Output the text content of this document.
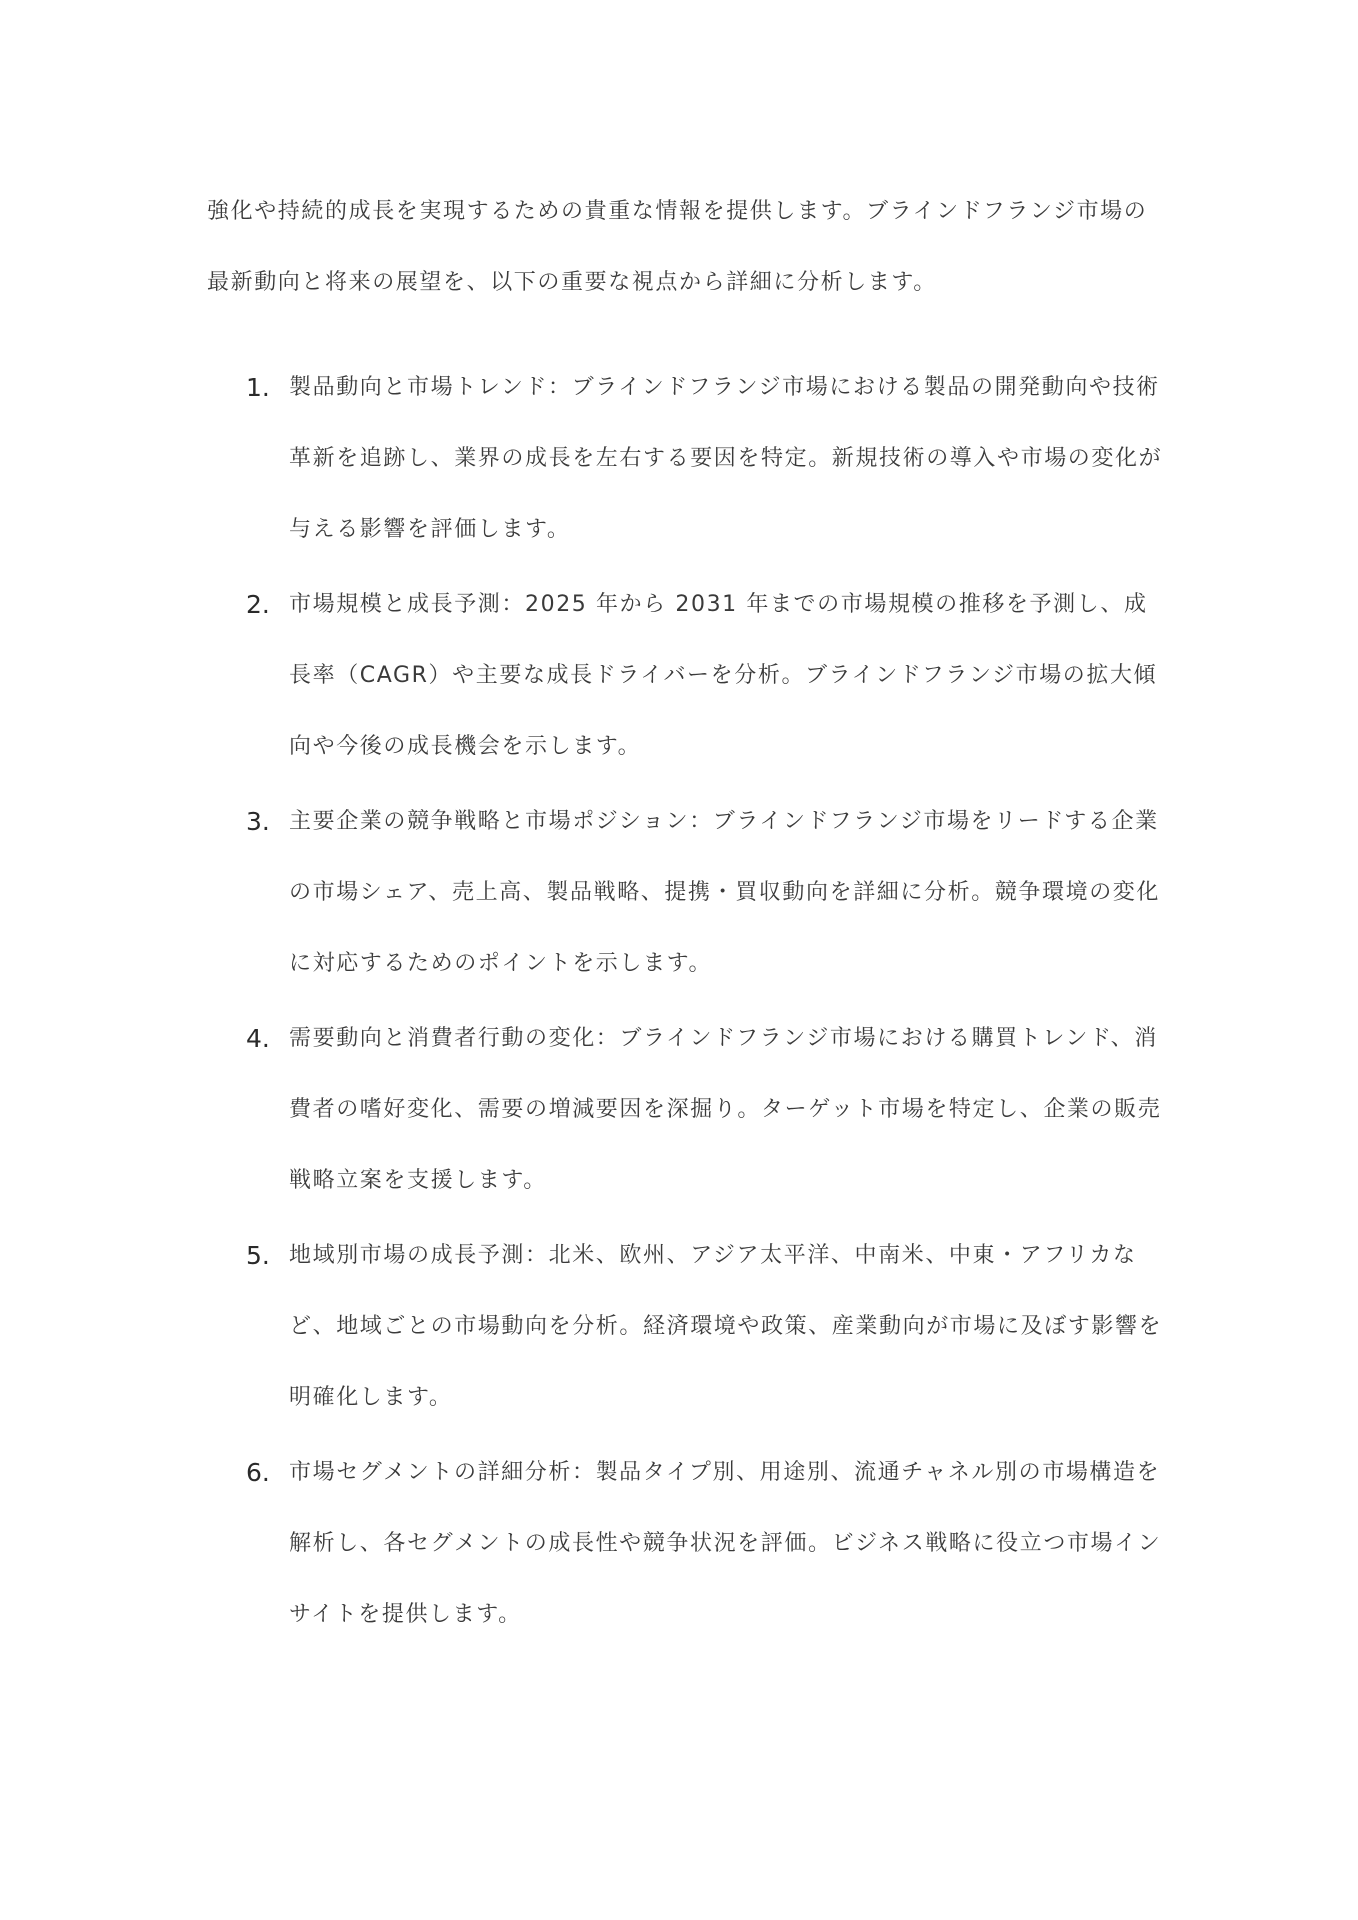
強化や持続的成長を実現するための貴重な情報を提供します。ブラインドフランジ市場の最新動向と将来の展望を、以下の重要な視点から詳細に分析します。

1. 製品動向と市場トレンド：ブラインドフランジ市場における製品の開発動向や技術革新を追跡し、業界の成長を左右する要因を特定。新規技術の導入や市場の変化が与える影響を評価します。
2. 市場規模と成長予測：2025 年から 2031 年までの市場規模の推移を予測し、成長率（CAGR）や主要な成長ドライバーを分析。ブラインドフランジ市場の拡大傾向や今後の成長機会を示します。
3. 主要企業の競争戦略と市場ポジション：ブラインドフランジ市場をリードする企業の市場シェア、売上高、製品戦略、提携・買収動向を詳細に分析。競争環境の変化に対応するためのポイントを示します。
4. 需要動向と消費者行動の変化：ブラインドフランジ市場における購買トレンド、消費者の嗜好変化、需要の増減要因を深掘り。ターゲット市場を特定し、企業の販売戦略立案を支援します。
5. 地域別市場の成長予測：北米、欧州、アジア太平洋、中南米、中東・アフリカなど、地域ごとの市場動向を分析。経済環境や政策、産業動向が市場に及ぼす影響を明確化します。
6. 市場セグメントの詳細分析：製品タイプ別、用途別、流通チャネル別の市場構造を解析し、各セグメントの成長性や競争状況を評価。ビジネス戦略に役立つ市場インサイトを提供します。
